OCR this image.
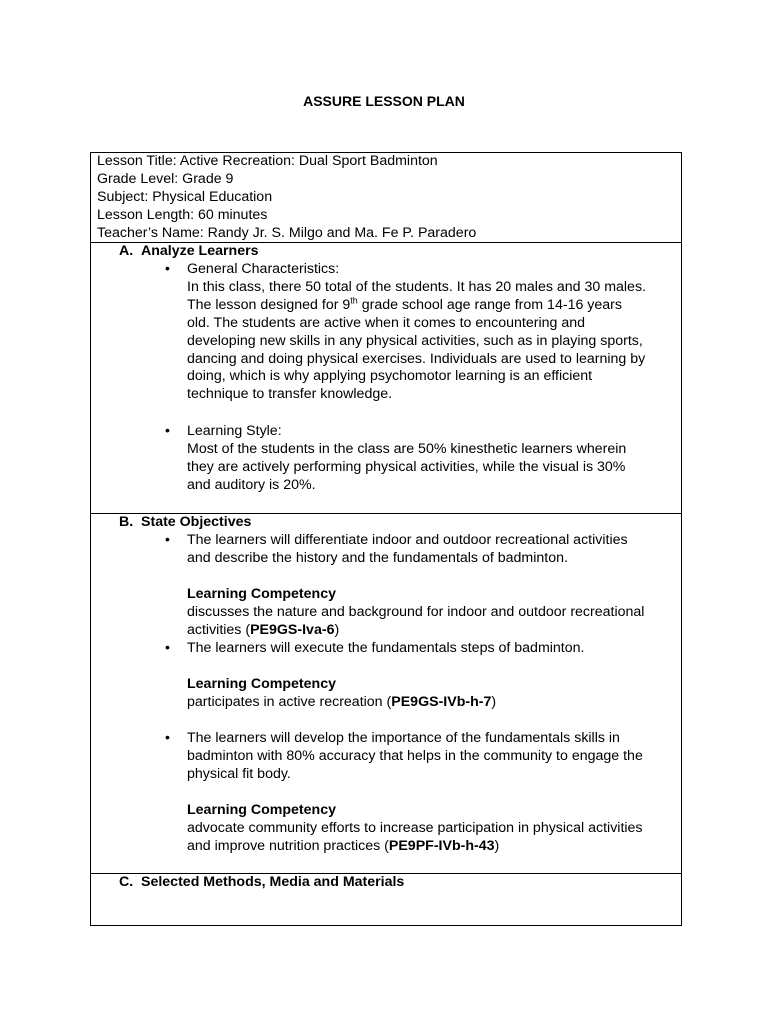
ASSURE LESSON PLAN
Lesson Title: Active Recreation: Dual Sport Badminton
Grade Level: Grade 9
Subject: Physical Education
Lesson Length: 60 minutes
Teacher’s Name: Randy Jr. S. Milgo and Ma. Fe P. Paradero
A. Analyze Learners
• General Characteristics:
In this class, there 50 total of the students. It has 20 males and 30 males.
The lesson designed for 9th grade school age range from 14-16 years
old. The students are active when it comes to encountering and
developing new skills in any physical activities, such as in playing sports,
dancing and doing physical exercises. Individuals are used to learning by
doing, which is why applying psychomotor learning is an efficient
technique to transfer knowledge.
• Learning Style:
Most of the students in the class are 50% kinesthetic learners wherein
they are actively performing physical activities, while the visual is 30%
and auditory is 20%.
B. State Objectives
• The learners will differentiate indoor and outdoor recreational activities
and describe the history and the fundamentals of badminton.
Learning Competency
discusses the nature and background for indoor and outdoor recreational
activities (PE9GS-Iva-6)
• The learners will execute the fundamentals steps of badminton.
Learning Competency
participates in active recreation (PE9GS-IVb-h-7)
• The learners will develop the importance of the fundamentals skills in
badminton with 80% accuracy that helps in the community to engage the
physical fit body.
Learning Competency
advocate community efforts to increase participation in physical activities
and improve nutrition practices (PE9PF-IVb-h-43)
C. Selected Methods, Media and Materials
